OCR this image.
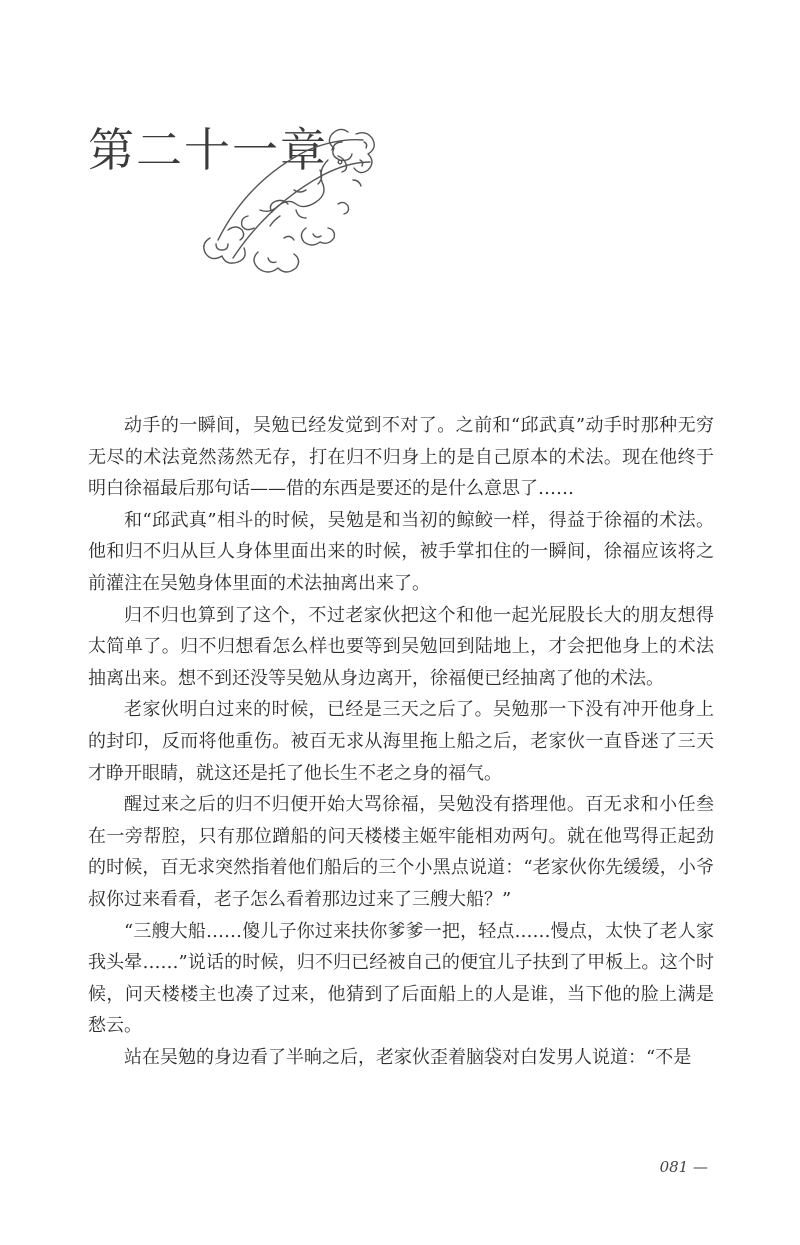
第二十一章

动手的一瞬间，吴勉已经发觉到不对了。之前和“邱武真”动手时那种无穷无尽的术法竟然荡然无存，打在归不归身上的是自己原本的术法。现在他终于明白徐福最后那句话——借的东西是要还的是什么意思了……

和“邱武真”相斗的时候，吴勉是和当初的鲸鲛一样，得益于徐福的术法。他和归不归从巨人身体里面出来的时候，被手掌扣住的一瞬间，徐福应该将之前灌注在吴勉身体里面的术法抽离出来了。

归不归也算到了这个，不过老家伙把这个和他一起光屁股长大的朋友想得太简单了。归不归想看怎么样也要等到吴勉回到陆地上，才会把他身上的术法抽离出来。想不到还没等吴勉从身边离开，徐福便已经抽离了他的术法。

老家伙明白过来的时候，已经是三天之后了。吴勉那一下没有冲开他身上的封印，反而将他重伤。被百无求从海里拖上船之后，老家伙一直昏迷了三天才睁开眼睛，就这还是托了他长生不老之身的福气。

醒过来之后的归不归便开始大骂徐福，吴勉没有搭理他。百无求和小任叁在一旁帮腔，只有那位蹭船的问天楼楼主姬牢能相劝两句。就在他骂得正起劲的时候，百无求突然指着他们船后的三个小黑点说道：“老家伙你先缓缓，小爷叔你过来看看，老子怎么看着那边过来了三艘大船？”

“三艘大船……傻儿子你过来扶你爹爹一把，轻点……慢点，太快了老人家我头晕……”说话的时候，归不归已经被自己的便宜儿子扶到了甲板上。这个时候，问天楼楼主也凑了过来，他猜到了后面船上的人是谁，当下他的脸上满是愁云。

站在吴勉的身边看了半晌之后，老家伙歪着脑袋对白发男人说道：“不是

081 —
